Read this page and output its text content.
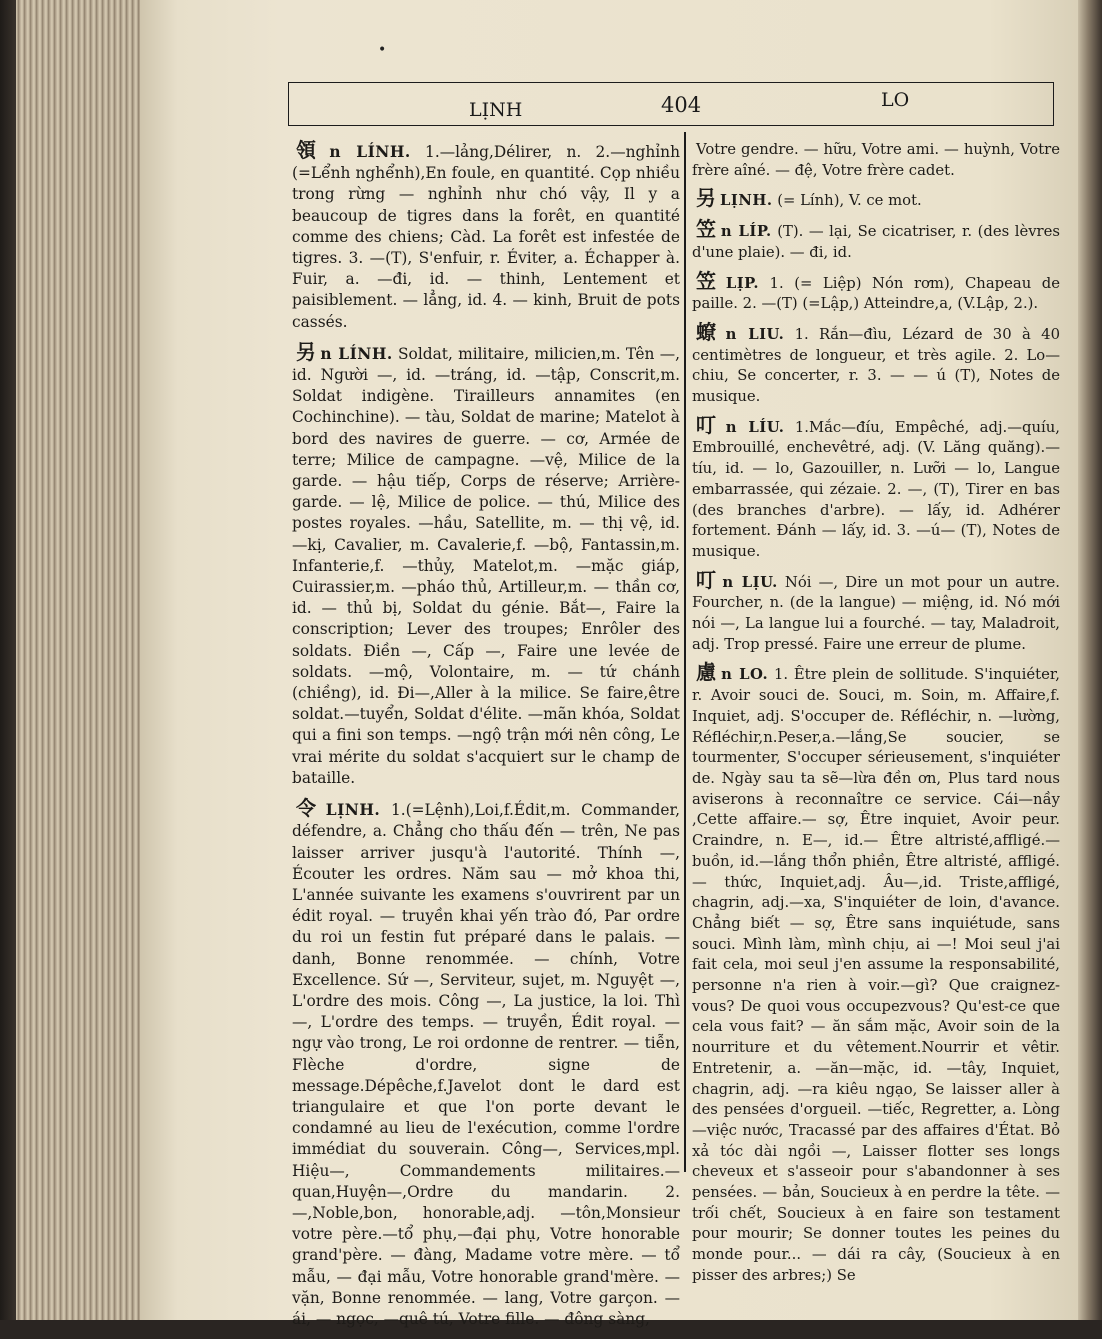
•
LỊNH	404	LO

領 n LÍNH. 1.—lảng,Délirer, n. 2.—nghỉnh (=Lểnh nghểnh),En foule, en quantité. Cọp nhiều trong rừng — nghỉnh như chó vậy, Il y a beaucoup de tigres dans la forêt, en quantité comme des chiens; Càd. La forêt est infestée de tigres. 3. —(T), S'enfuir, r. Éviter, a. Échapper à. Fuir, a. —đi, id. — thinh, Lentement et paisiblement. — lẳng, id. 4. — kinh, Bruit de pots cassés.

另 n LÍNH. Soldat, militaire, milicien,m. Tên —, id. Người —, id. —tráng, id. —tập, Conscrit,m. Soldat indigène. Tirailleurs annamites (en Cochinchine). — tàu, Soldat de marine; Matelot à bord des navires de guerre. — cơ, Armée de terre; Milice de campagne. —vệ, Milice de la garde. — hậu tiếp, Corps de réserve; Arrière-garde. — lệ, Milice de police. — thú, Milice des postes royales. —hầu, Satellite, m. — thị vệ, id. —kị, Cavalier, m. Cavalerie,f. —bộ, Fantassin,m. Infanterie,f. —thủy, Matelot,m. —mặc giáp, Cuirassier,m. —pháo thủ, Artilleur,m. — thần cơ, id. — thủ bị, Soldat du génie. Bắt—, Faire la conscription; Lever des troupes; Enrôler des soldats. Điền —, Cấp —, Faire une levée de soldats. —mộ, Volontaire, m. — tứ chánh (chiềng), id. Đi—,Aller à la milice. Se faire,être soldat.—tuyển, Soldat d'élite. —mãn khóa, Soldat qui a fini son temps. —ngộ trận mới nên công, Le vrai mérite du soldat s'acquiert sur le champ de bataille.

令 LỊNH. 1.(=Lệnh),Loi,f.Édit,m. Commander, défendre, a. Chẳng cho thấu đến — trên, Ne pas laisser arriver jusqu'à l'autorité. Thính —, Écouter les ordres. Năm sau — mở khoa thi, L'année suivante les examens s'ouvrirent par un édit royal. — truyền khai yến trào đó, Par ordre du roi un festin fut préparé dans le palais. — danh, Bonne renommée. — chính, Votre Excellence. Sứ —, Serviteur, sujet, m. Nguyệt —, L'ordre des mois. Công —, La justice, la loi. Thì —, L'ordre des temps. — truyền, Édit royal. — ngự vào trong, Le roi ordonne de rentrer. — tiễn, Flèche d'ordre, signe de message.Dépêche,f.Javelot dont le dard est triangulaire et que l'on porte devant le condamné au lieu de l'exécution, comme l'ordre immédiat du souverain. Công—, Services,mpl. Hiệu—, Commandements militaires.—quan,Huyện—,Ordre du mandarin. 2. —,Noble,bon, honorable,adj. —tôn,Monsieur votre père.—tổ phụ,—đại phụ, Votre honorable grand'père. — đàng, Madame votre mère. — tổ mẫu, — đại mẫu, Votre honorable grand'mère. — vặn, Bonne renommée. — lang, Votre garçon. — ái, — ngọc, —quê tú, Votre fille. — đông sàng,

Votre gendre. — hữu, Votre ami. — huỳnh, Votre frère aîné. — đệ, Votre frère cadet.

另 LỊNH. (= Lính), V. ce mot.

笠 n LÍP. (T). — lại, Se cicatriser, r. (des lèvres d'une plaie). — đi, id.

笠 LỊP. 1. (= Liệp) Nón rơm), Chapeau de paille. 2. —(T) (=Lập,) Atteindre,a, (V.Lập, 2.).

蟟 n LIU. 1. Rắn—đìu, Lézard de 30 à 40 centimètres de longueur, et très agile. 2. Lo—chiu, Se concerter, r. 3. — — ú (T), Notes de musique.

叮 n LÍU. 1.Mắc—đíu, Empêché, adj.—quíu, Embrouillé, enchevêtré, adj. (V. Lăng quăng).— tíu, id. — lo, Gazouiller, n. Lưỡi — lo, Langue embarrassée, qui zézaie. 2. —, (T), Tirer en bas (des branches d'arbre). — lấy, id. Adhérer fortement. Đánh — lấy, id. 3. —ú— (T), Notes de musique.

叮 n LỊU. Nói —, Dire un mot pour un autre. Fourcher, n. (de la langue) — miệng, id. Nó mới nói —, La langue lui a fourché. — tay, Maladroit, adj. Trop pressé. Faire une erreur de plume.

慮 n LO. 1. Être plein de sollitude. S'inquiéter, r. Avoir souci de. Souci, m. Soin, m. Affaire,f. Inquiet, adj. S'occuper de. Réfléchir, n. —lường, Réfléchir,n.Peser,a.—lắng,Se soucier, se tourmenter, S'occuper sérieusement, s'inquiéter de. Ngày sau ta sẽ—lừa đền ơn, Plus tard nous aviserons à reconnaître ce service. Cái—nầy ,Cette affaire.— sợ, Être inquiet, Avoir peur. Craindre, n. E—, id.— Être altristé,affligé.—buồn, id.—lắng thổn phiền, Être altristé, affligé. — thức, Inquiet,adj. Âu—,id. Triste,affligé, chagrin, adj.—xa, S'inquiéter de loin, d'avance. Chẳng biết — sợ, Être sans inquiétude, sans souci. Mình làm, mình chịu, ai —! Moi seul j'ai fait cela, moi seul j'en assume la responsabilité, personne n'a rien à voir.—gì? Que craignez-vous? De quoi vous occupezvous? Qu'est-ce que cela vous fait? — ăn sắm mặc, Avoir soin de la nourriture et du vêtement.Nourrir et vêtir. Entretenir, a. —ăn—mặc, id. —tây, Inquiet, chagrin, adj. —ra kiêu ngạo, Se laisser aller à des pensées d'orgueil. —tiếc, Regretter, a. Lòng—việc nước, Tracassé par des affaires d'État. Bỏ xả tóc dài ngồi —, Laisser flotter ses longs cheveux et s'asseoir pour s'abandonner à ses pensées. — bản, Soucieux à en perdre la tête. — trối chết, Soucieux à en faire son testament pour mourir; Se donner toutes les peines du monde pour... — dái ra cây, (Soucieux à en pisser des arbres;) Se
